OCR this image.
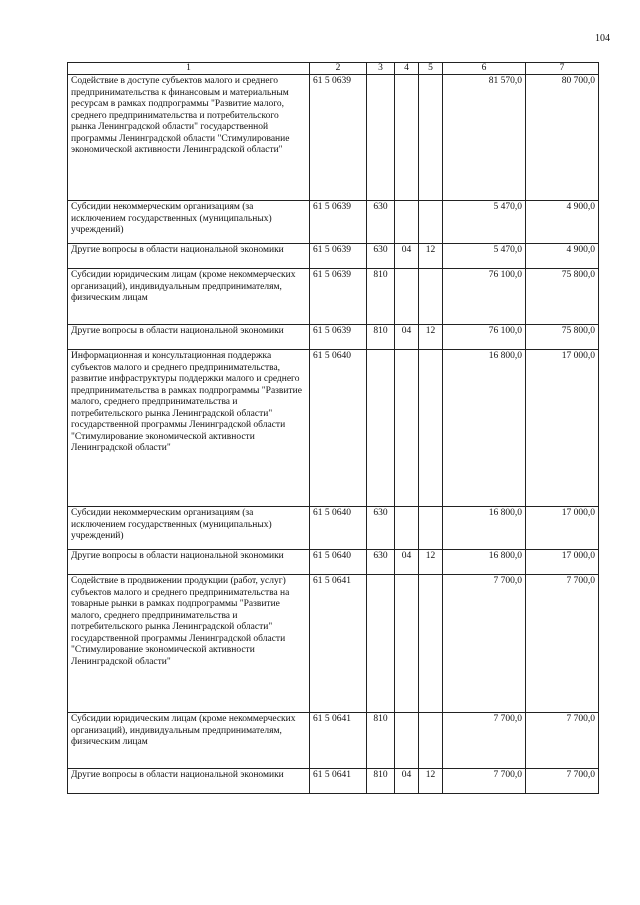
104
1	2	3	4	5	6	7
Содействие в доступе субъектов малого и среднего предпринимательства к финансовым и материальным ресурсам в рамках подпрограммы "Развитие малого, среднего предпринимательства и потребительского рынка Ленинградской области" государственной программы Ленинградской области "Стимулирование экономической активности Ленинградской области"	61 5 0639				81 570,0	80 700,0
Субсидии некоммерческим организациям (за исключением государственных (муниципальных) учреждений)	61 5 0639	630			5 470,0	4 900,0
Другие вопросы в области национальной экономики	61 5 0639	630	04	12	5 470,0	4 900,0
Субсидии юридическим лицам (кроме некоммерческих организаций), индивидуальным предпринимателям, физическим лицам	61 5 0639	810			76 100,0	75 800,0
Другие вопросы в области национальной экономики	61 5 0639	810	04	12	76 100,0	75 800,0
Информационная и консультационная поддержка субъектов малого и среднего предпринимательства, развитие инфраструктуры поддержки малого и среднего предпринимательства в рамках подпрограммы "Развитие малого, среднего предпринимательства и потребительского рынка Ленинградской области" государственной программы Ленинградской области "Стимулирование экономической активности Ленинградской области"	61 5 0640				16 800,0	17 000,0
Субсидии некоммерческим организациям (за исключением государственных (муниципальных) учреждений)	61 5 0640	630			16 800,0	17 000,0
Другие вопросы в области национальной экономики	61 5 0640	630	04	12	16 800,0	17 000,0
Содействие в продвижении продукции (работ, услуг) субъектов малого и среднего предпринимательства на товарные рынки в рамках подпрограммы "Развитие малого, среднего предпринимательства и потребительского рынка Ленинградской области" государственной программы Ленинградской области "Стимулирование экономической активности Ленинградской области"	61 5 0641				7 700,0	7 700,0
Субсидии юридическим лицам (кроме некоммерческих организаций), индивидуальным предпринимателям, физическим лицам	61 5 0641	810			7 700,0	7 700,0
Другие вопросы в области национальной экономики	61 5 0641	810	04	12	7 700,0	7 700,0
